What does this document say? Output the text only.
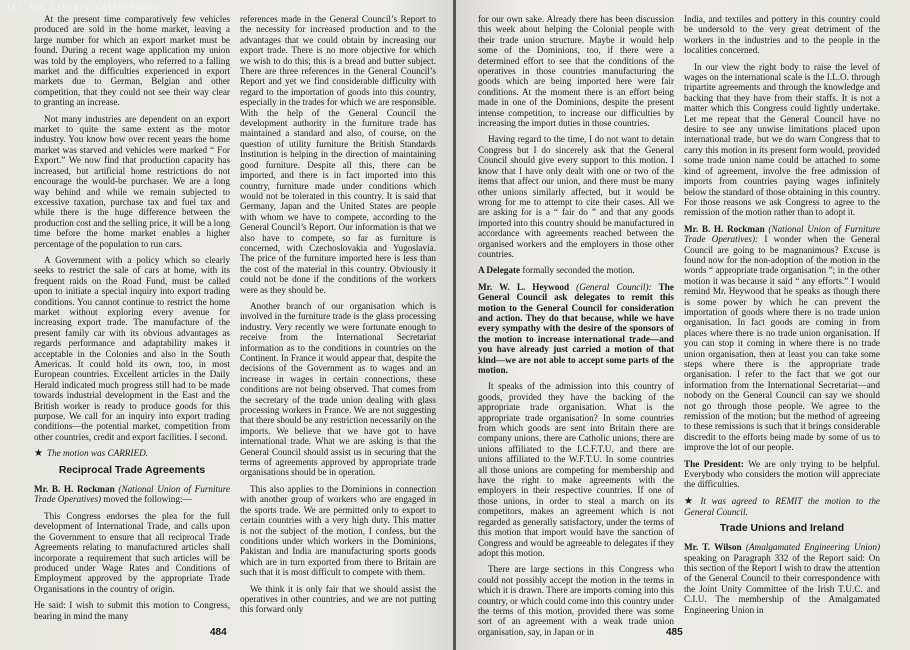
(c) TUC Library Collections

At the present time comparatively few vehicles produced are sold in the home market, leaving a large number for which an export market must be found. During a recent wage application my union was told by the employers, who referred to a falling market and the difficulties experienced in export markets due to German, Belgian and other competition, that they could not see their way clear to granting an increase.

Not many industries are dependent on an export market to quite the same extent as the motor industry. You know how over recent years the home market was starved and vehicles were marked “ For Export.” We now find that production capacity has increased, but artificial home restrictions do not encourage the would-be purchaser. We are a long way behind and while we remain subjected to excessive taxation, purchase tax and fuel tax and while there is the huge difference between the production cost and the selling price, it will be a long time before the home market enables a higher percentage of the population to run cars.

A Government with a policy which so clearly seeks to restrict the sale of cars at home, with its frequent raids on the Road Fund, must be called upon to initiate a special inquiry into export trading conditions. You cannot continue to restrict the home market without exploring every avenue for increasing export trade. The manufacture of the present family car with its obvious advantages as regards performance and adaptability makes it acceptable in the Colonies and also in the South Americas. It could hold its own, too, in most European countries. Excellent articles in the Daily Herald indicated much progress still had to be made towards industrial development in the East and the British worker is ready to produce goods for this purpose. We call for an inquiry into export trading conditions—the potential market, competition from other countries, credit and export facilities. I second.

★ The motion was CARRIED.

Reciprocal Trade Agreements

Mr. B. H. Rockman (National Union of Furniture Trade Operatives) moved the following:—

This Congress endorses the plea for the full development of International Trade, and calls upon the Government to ensure that all reciprocal Trade Agreements relating to manufactured articles shall incorporate a requirement that such articles will be produced under Wage Rates and Conditions of Employment approved by the appropriate Trade Organisations in the country of origin.

He said: I wish to submit this motion to Congress, bearing in mind the many

references made in the General Council’s Report to the necessity for increased production and to the advantages that we could obtain by increasing our export trade. There is no more objective for which we wish to do this; this is a bread and butter subject. There are three references in the General Council’s Report and yet we find considerable difficulty with regard to the importation of goods into this country, especially in the trades for which we are responsible. With the help of the General Council the development authority in the furniture trade has maintained a standard and also, of course, on the question of utility furniture the British Standards Institution is helping in the direction of maintaining good furniture. Despite all this, there can be imported, and there is in fact imported into this country, furniture made under conditions which would not be tolerated in this country. It is said that Germany, Japan and the United States are people with whom we have to compete, according to the General Council’s Report. Our information is that we also have to compete, so far as furniture is concerned, with Czechoslovakia and Yugoslavia. The price of the furniture imported here is less than the cost of the material in this country. Obviously it could not be done if the conditions of the workers were as they should be.

Another branch of our organisation which is involved in the furniture trade is the glass processing industry. Very recently we were fortunate enough to receive from the International Secretariat information as to the conditions in countries on the Continent. In France it would appear that, despite the decisions of the Government as to wages and an increase in wages in certain connections, these conditions are not being observed. That comes from the secretary of the trade union dealing with glass processing workers in France. We are not suggesting that there should be any restriction necessarily on the imports. We believe that we have got to have international trade. What we are asking is that the General Council should assist us in securing that the terms of agreements approved by appropriate trade organisations should be in operation.

This also applies to the Dominions in connection with another group of workers who are engaged in the sports trade. We are permitted only to export to certain countries with a very high duty. This matter is not the subject of the motion, I confess, but the conditions under which workers in the Dominions, Pakistan and India are manufacturing sports goods which are in turn exported from there to Britain are such that it is most difficult to compete with them.

We think it is only fair that we should assist the operatives in other countries, and we are not putting this forward only

484

for our own sake. Already there has been discussion this week about helping the Colonial people with their trade union structure. Maybe it would help some of the Dominions, too, if there were a determined effort to see that the conditions of the operatives in those countries manufacturing the goods which are being imported here were fair conditions. At the moment there is an effort being made in one of the Dominions, despite the present intense competition, to increase our difficulties by increasing the import duties in those countries.

Having regard to the time, I do not want to detain Congress but I do sincerely ask that the General Council should give every support to this motion. I know that I have only dealt with one or two of the items that affect our union, and there must be many other unions similarly affected, but it would be wrong for me to attempt to cite their cases. All we are asking for is a “ fair do ” and that any goods imported into this country should be manufactured in accordance with agreements reached between the organised workers and the employers in those other countries.

A Delegate formally seconded the motion.

Mr. W. L. Heywood (General Council): The General Council ask delegates to remit this motion to the General Council for consideration and action. They do that because, while we have every sympathy with the desire of the sponsors of the motion to increase international trade—and you have already just carried a motion of that kind—we are not able to accept some parts of the motion.

It speaks of the admission into this country of goods, provided they have the backing of the appropriate trade organisation. What is the appropriate trade organisation? In some countries from which goods are sent into Britain there are company unions, there are Catholic unions, there are unions affiliated to the I.C.F.T.U. and there are unions affiliated to the W.F.T.U. In some countries all those unions are competing for membership and have the right to make agreements with the employers in their respective countries. If one of those unions, in order to steal a march on its competitors, makes an agreement which is not regarded as generally satisfactory, under the terms of this motion that import would have the sanction of Congress and would be agreeable to delegates if they adopt this motion.

There are large sections in this Congress who could not possibly accept the motion in the terms in which it is drawn. There are imports coming into this country, or which could come into this country under the terms of this motion, provided there was some sort of an agreement with a weak trade union organisation, say, in Japan or in

India, and textiles and pottery in this country could be undersold to the very great detriment of the workers in the industries and to the people in the localities concerned.

In our view the right body to raise the level of wages on the international scale is the I.L.O. through tripartite agreements and through the knowledge and backing that they have from their staffs. It is not a matter which this Congress could lightly undertake. Let me repeat that the General Council have no desire to see any unwise limitations placed upon international trade, but we do warn Congress that to carry this motion in its present form would, provided some trade union name could be attached to some kind of agreement, involve the free admission of imports from countries paying wages infinitely below the standard of those obtaining in this country. For those reasons we ask Congress to agree to the remission of the motion rather than to adopt it.

Mr. B. H. Rockman (National Union of Furniture Trade Operatives): I wonder when the General Council are going to be magnanimous? Excuse is found now for the non-adoption of the motion in the words “ appropriate trade organisation ”; in the other motion it was because it said “ any efforts.” I would remind Mr. Heywood that he speaks as though there is some power by which he can prevent the importation of goods where there is no trade union organisation. In fact goods are coming in from places where there is no trade union organisation. If you can stop it coming in where there is no trade union organisation, then at least you can take some steps where there is the appropriate trade organisation. I refer to the fact that we got our information from the International Secretariat—and nobody on the General Council can say we should not go through those people. We agree to the remission of the motion; but the method of agreeing to these remissions is such that it brings considerable discredit to the efforts being made by some of us to improve the lot of our people.

The President: We are only trying to be helpful. Everybody who considers the motion will appreciate the difficulties.

★ It was agreed to REMIT the motion to the General Council.

Trade Unions and Ireland

Mr. T. Wilson (Amalgamated Engineering Union) speaking on Paragraph 332 of the Report said: On this section of the Report I wish to draw the attention of the General Council to their correspondence with the Joint Unity Committee of the Irish T.U.C. and C.I.U. The membership of the Amalgamated Engineering Union in

485
